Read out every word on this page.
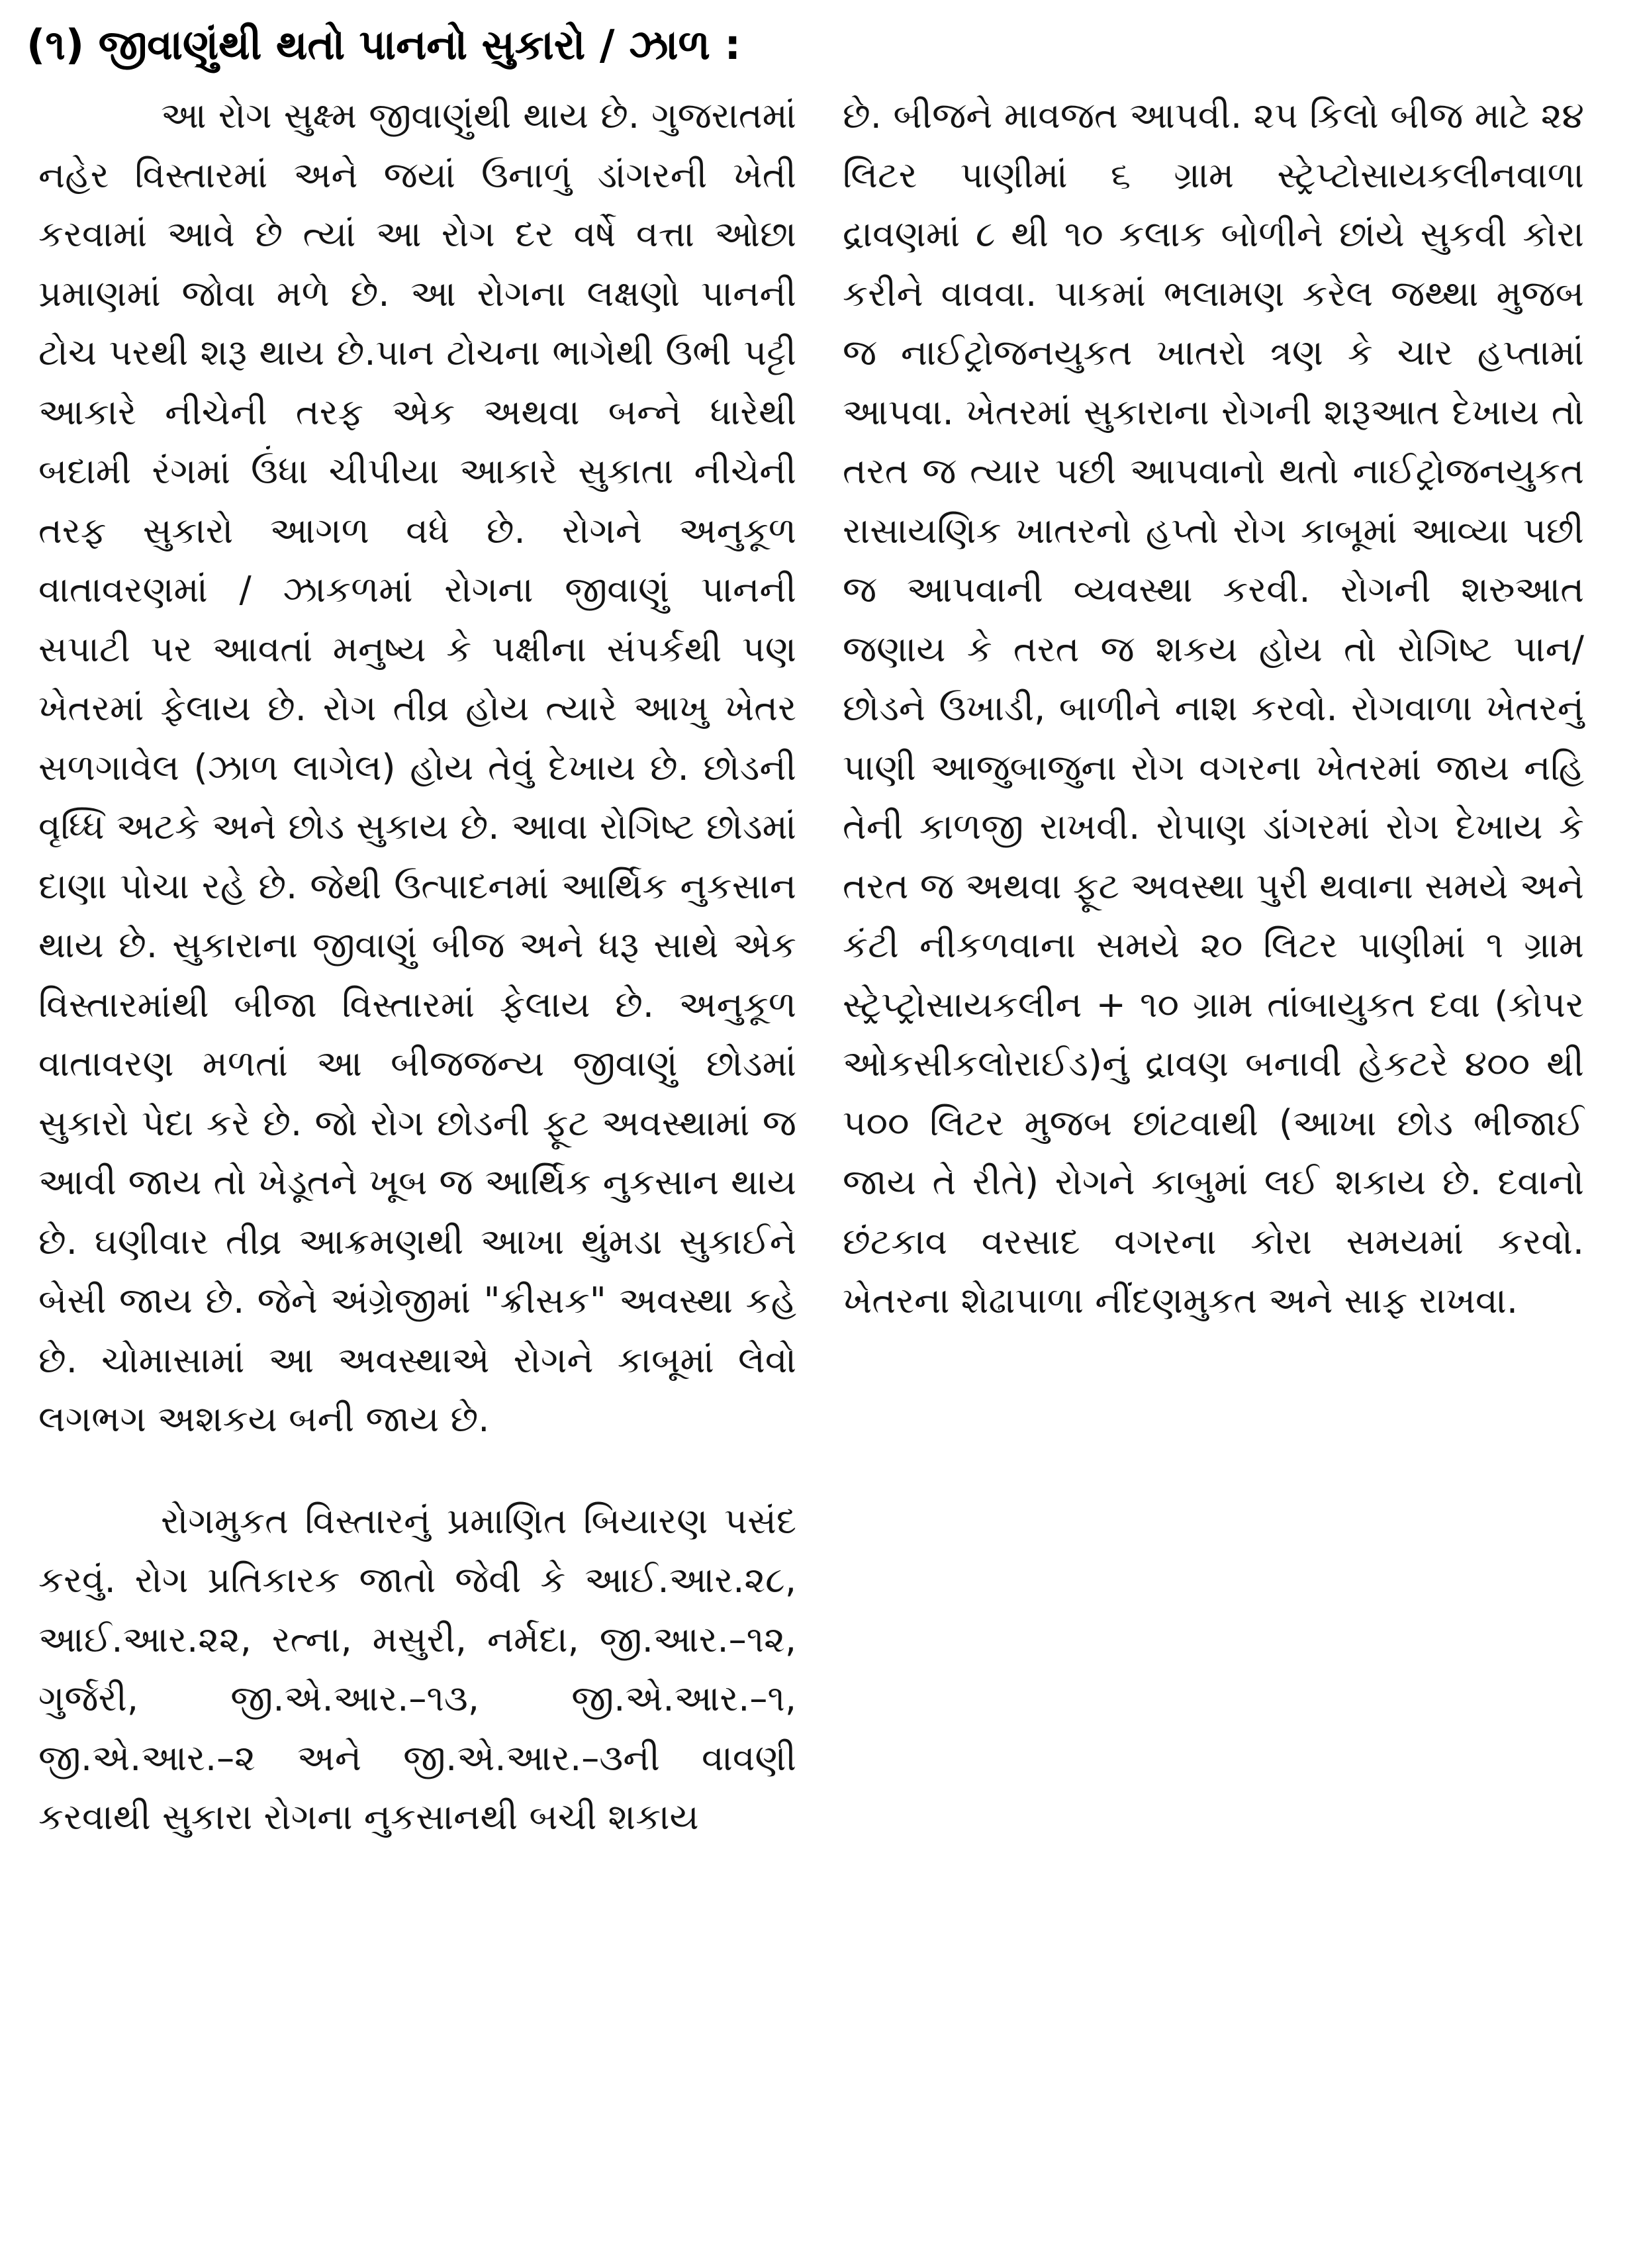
(૧) જીવાણુંથી થતો પાનનો સુકારો / ઝાળ :

આ રોગ સુક્ષ્મ જીવાણુંથી થાય છે. ગુજરાતમાં નહેર વિસ્તારમાં અને જયાં ઉનાળું ડાંગરની ખેતી કરવામાં આવે છે ત્યાં આ રોગ દર વર્ષે વત્તા ઓછા પ્રમાણમાં જોવા મળે છે. આ રોગના લક્ષણો પાનની ટોચ પરથી શરૂ થાય છે.પાન ટોચના ભાગેથી ઉભી પટ્ટી આકારે નીચેની તરફ એક અથવા બન્ને ધારેથી બદામી રંગમાં ઉંધા ચીપીયા આકારે સુકાતા નીચેની તરફ સુકારો આગળ વધે છે. રોગને અનુકૂળ વાતાવરણમાં / ઝાકળમાં રોગના જીવાણું પાનની સપાટી પર આવતાં મનુષ્ય કે પક્ષીના સંપર્કથી પણ ખેતરમાં ફેલાય છે. રોગ તીવ્ર હોય ત્યારે આખુ ખેતર સળગાવેલ (ઝાળ લાગેલ) હોય તેવું દેખાય છે. છોડની વૃધ્ધિ અટકે અને છોડ સુકાય છે. આવા રોગિષ્ટ છોડમાં દાણા પોચા રહે છે. જેથી ઉત્પાદનમાં આર્થિક નુકસાન થાય છે. સુકારાના જીવાણું બીજ અને ધરૂ સાથે એક વિસ્તારમાંથી બીજા વિસ્તારમાં ફેલાય છે. અનુકૂળ વાતાવરણ મળતાં આ બીજજન્ય જીવાણું છોડમાં સુકારો પેદા કરે છે. જો રોગ છોડની ફૂટ અવસ્થામાં જ આવી જાય તો ખેડૂતને ખૂબ જ આર્થિક નુકસાન થાય છે. ઘણીવાર તીવ્ર આક્રમણથી આખા થુંમડા સુકાઈને બેસી જાય છે. જેને અંગ્રેજીમાં "ક્રીસક" અવસ્થા કહે છે. ચોમાસામાં આ અવસ્થાએ રોગને કાબૂમાં લેવો લગભગ અશકય બની જાય છે.

રોગમુકત વિસ્તારનું પ્રમાણિત બિયારણ પસંદ કરવું. રોગ પ્રતિકારક જાતો જેવી કે આઈ.આર.૨૮, આઈ.આર.૨૨, રત્ના, મસુરી, નર્મદા, જી.આર.–૧૨, ગુર્જરી, જી.એ.આર.–૧૩, જી.એ.આર.–૧, જી.એ.આર.–૨ અને જી.એ.આર.–૩ની વાવણી કરવાથી સુકારા રોગના નુકસાનથી બચી શકાય

છે. બીજને માવજત આપવી. ૨૫ કિલો બીજ માટે ૨૪ લિટર પાણીમાં ૬ ગ્રામ સ્ટ્રેપ્ટોસાયકલીનવાળા દ્રાવણમાં ૮ થી ૧૦ કલાક બોળીને છાંયે સુકવી કોરા કરીને વાવવા. પાકમાં ભલામણ કરેલ જથ્થા મુજબ જ નાઈટ્રોજનયુકત ખાતરો ત્રણ કે ચાર હપ્તામાં આપવા. ખેતરમાં સુકારાના રોગની શરૂઆત દેખાય તો તરત જ ત્યાર પછી આપવાનો થતો નાઈટ્રોજનયુકત રાસાયણિક ખાતરનો હપ્તો રોગ કાબૂમાં આવ્યા પછી જ આપવાની વ્યવસ્થા કરવી. રોગની શરુઆત જણાય કે તરત જ શકય હોય તો રોગિષ્ટ પાન/છોડને ઉખાડી, બાળીને નાશ કરવો. રોગવાળા ખેતરનું પાણી આજુબાજુના રોગ વગરના ખેતરમાં જાય નહિ તેની કાળજી રાખવી. રોપાણ ડાંગરમાં રોગ દેખાય કે તરત જ અથવા ફૂટ અવસ્થા પુરી થવાના સમયે અને કંટી નીકળવાના સમયે ૨૦ લિટર પાણીમાં ૧ ગ્રામ સ્ટ્રેપ્ટ્રોસાયકલીન + ૧૦ ગ્રામ તાંબાયુકત દવા (કોપર ઓકસીકલોરાઈડ)નું દ્રાવણ બનાવી હેકટરે ૪૦૦ થી ૫૦૦ લિટર મુજબ છાંટવાથી (આખા છોડ ભીજાઈ જાય તે રીતે) રોગને કાબુમાં લઈ શકાય છે. દવાનો છંટકાવ વરસાદ વગરના કોરા સમયમાં કરવો. ખેતરના શેઢાપાળા નીંદણમુકત અને સાફ રાખવા.
